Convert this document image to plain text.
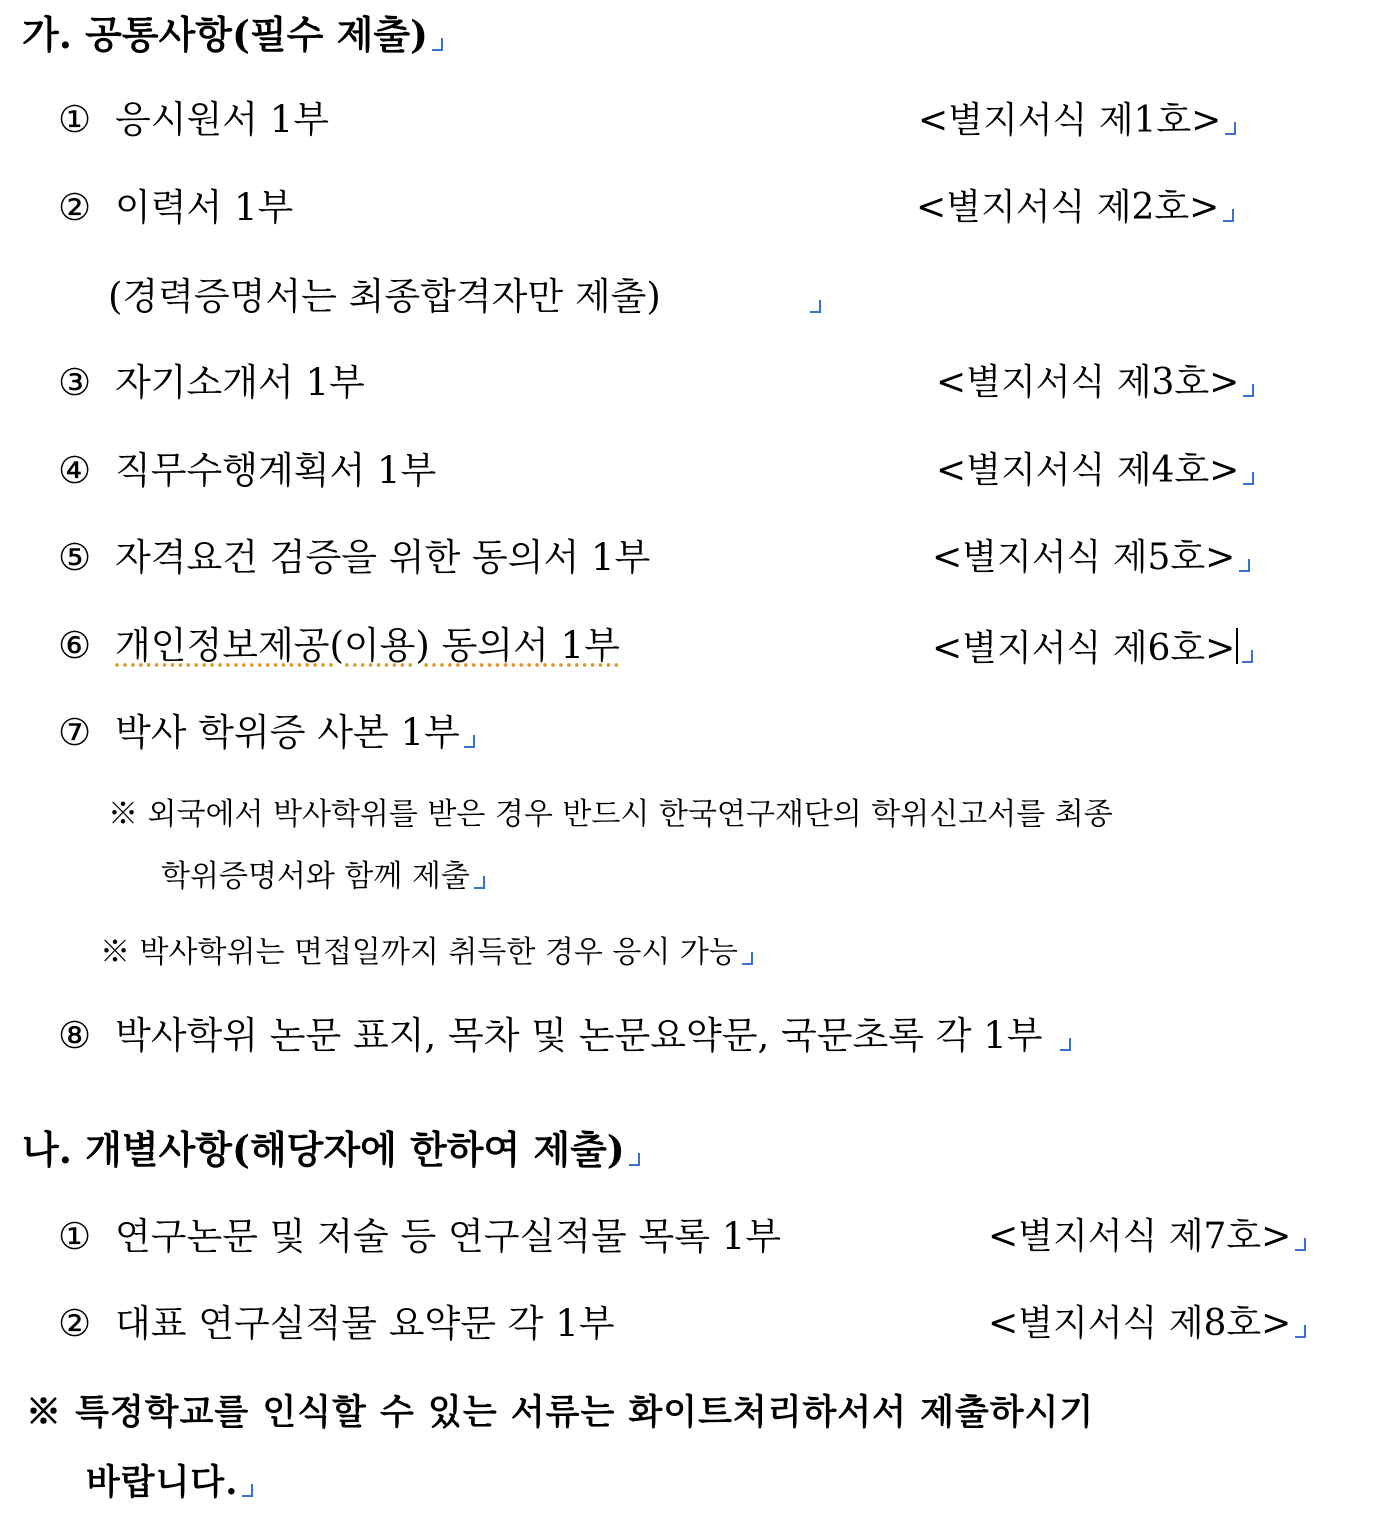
가. 공통사항(필수 제출)
① 응시원서 1부	<별지서식 제1호>
② 이력서 1부	<별지서식 제2호>
(경력증명서는 최종합격자만 제출)
③ 자기소개서 1부	<별지서식 제3호>
④ 직무수행계획서 1부	<별지서식 제4호>
⑤ 자격요건 검증을 위한 동의서 1부	<별지서식 제5호>
⑥ 개인정보제공(이용) 동의서 1부	<별지서식 제6호>
⑦ 박사 학위증 사본 1부
※ 외국에서 박사학위를 받은 경우 반드시 한국연구재단의 학위신고서를 최종
학위증명서와 함께 제출
※ 박사학위는 면접일까지 취득한 경우 응시 가능
⑧ 박사학위 논문 표지, 목차 및 논문요약문, 국문초록 각 1부
나. 개별사항(해당자에 한하여 제출)
① 연구논문 및 저술 등 연구실적물 목록 1부	<별지서식 제7호>
② 대표 연구실적물 요약문 각 1부	<별지서식 제8호>
※ 특정학교를 인식할 수 있는 서류는 화이트처리하서서 제출하시기
바랍니다.
